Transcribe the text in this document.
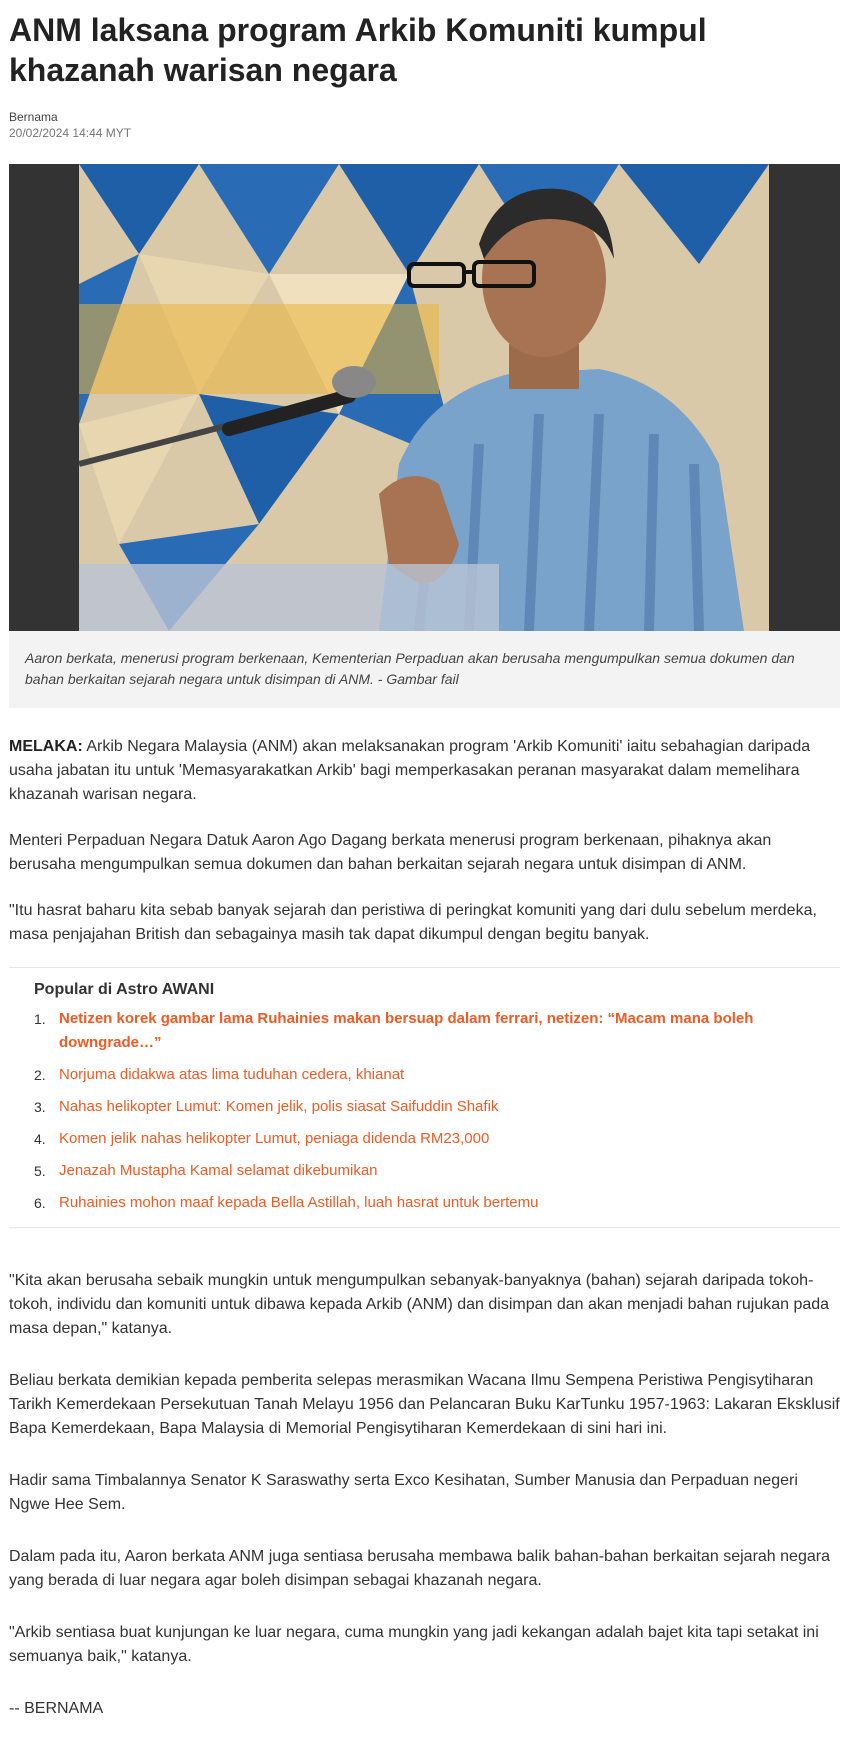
ANM laksana program Arkib Komuniti kumpul khazanah warisan negara
Bernama
20/02/2024 14:44 MYT
Aaron berkata, menerusi program berkenaan, Kementerian Perpaduan akan berusaha mengumpulkan semua dokumen dan bahan berkaitan sejarah negara untuk disimpan di ANM. - Gambar fail

MELAKA: Arkib Negara Malaysia (ANM) akan melaksanakan program 'Arkib Komuniti' iaitu sebahagian daripada usaha jabatan itu untuk 'Memasyarakatkan Arkib' bagi memperkasakan peranan masyarakat dalam memelihara khazanah warisan negara.

Menteri Perpaduan Negara Datuk Aaron Ago Dagang berkata menerusi program berkenaan, pihaknya akan berusaha mengumpulkan semua dokumen dan bahan berkaitan sejarah negara untuk disimpan di ANM.

"Itu hasrat baharu kita sebab banyak sejarah dan peristiwa di peringkat komuniti yang dari dulu sebelum merdeka, masa penjajahan British dan sebagainya masih tak dapat dikumpul dengan begitu banyak.

Popular di Astro AWANI
1. Netizen korek gambar lama Ruhainies makan bersuap dalam ferrari, netizen: “Macam mana boleh downgrade…”
2. Norjuma didakwa atas lima tuduhan cedera, khianat
3. Nahas helikopter Lumut: Komen jelik, polis siasat Saifuddin Shafik
4. Komen jelik nahas helikopter Lumut, peniaga didenda RM23,000
5. Jenazah Mustapha Kamal selamat dikebumikan
6. Ruhainies mohon maaf kepada Bella Astillah, luah hasrat untuk bertemu

"Kita akan berusaha sebaik mungkin untuk mengumpulkan sebanyak-banyaknya (bahan) sejarah daripada tokoh-tokoh, individu dan komuniti untuk dibawa kepada Arkib (ANM) dan disimpan dan akan menjadi bahan rujukan pada masa depan," katanya.

Beliau berkata demikian kepada pemberita selepas merasmikan Wacana Ilmu Sempena Peristiwa Pengisytiharan Tarikh Kemerdekaan Persekutuan Tanah Melayu 1956 dan Pelancaran Buku KarTunku 1957-1963: Lakaran Eksklusif Bapa Kemerdekaan, Bapa Malaysia di Memorial Pengisytiharan Kemerdekaan di sini hari ini.

Hadir sama Timbalannya Senator K Saraswathy serta Exco Kesihatan, Sumber Manusia dan Perpaduan negeri Ngwe Hee Sem.

Dalam pada itu, Aaron berkata ANM juga sentiasa berusaha membawa balik bahan-bahan berkaitan sejarah negara yang berada di luar negara agar boleh disimpan sebagai khazanah negara.

"Arkib sentiasa buat kunjungan ke luar negara, cuma mungkin yang jadi kekangan adalah bajet kita tapi setakat ini semuanya baik," katanya.

-- BERNAMA
